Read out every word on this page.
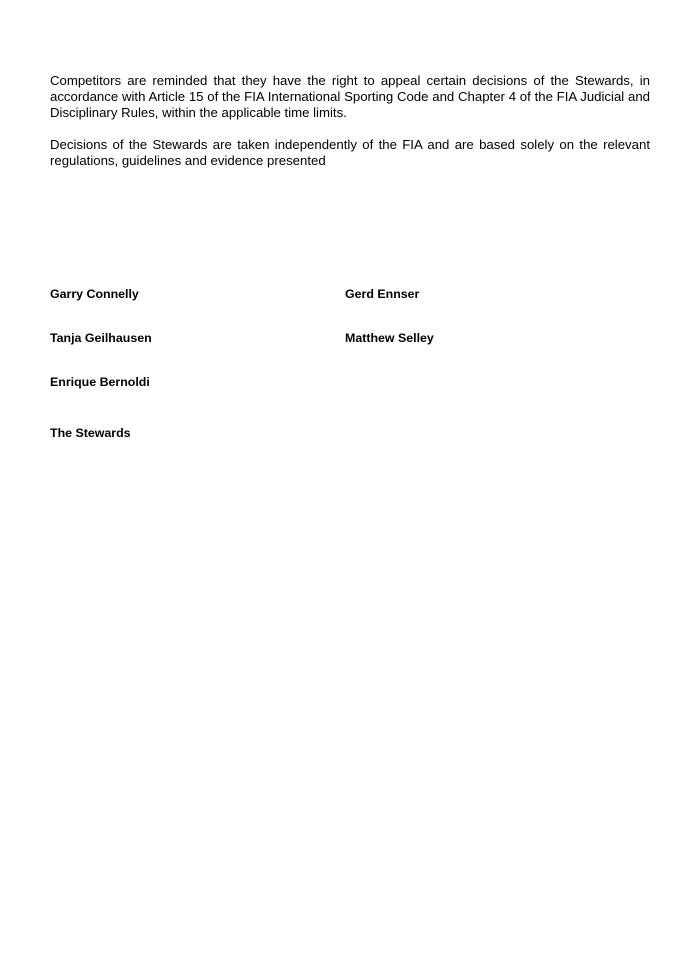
Competitors are reminded that they have the right to appeal certain decisions of the Stewards, in accordance with Article 15 of the FIA International Sporting Code and Chapter 4 of the FIA Judicial and Disciplinary Rules, within the applicable time limits.

Decisions of the Stewards are taken independently of the FIA and are based solely on the relevant regulations, guidelines and evidence presented

Garry Connelly	Gerd Ennser

Tanja Geilhausen	Matthew Selley

Enrique Bernoldi

The Stewards
